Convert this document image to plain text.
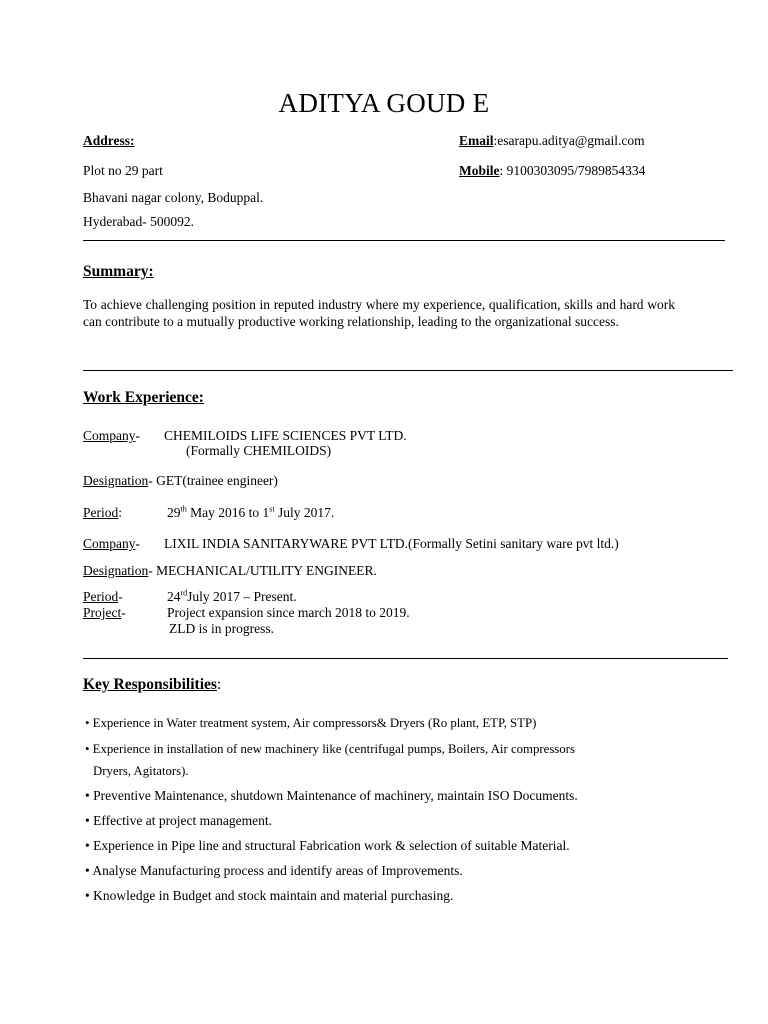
ADITYA GOUD E
Address:
Plot no 29 part
Bhavani nagar colony, Boduppal.
Hyderabad- 500092.
Email:esarapu.aditya@gmail.com
Mobile: 9100303095/7989854334
Summary:
To achieve challenging position in reputed industry where my experience, qualification, skills and hard work can contribute to a mutually productive working relationship, leading to the organizational success.
Work Experience:
Company- CHEMILOIDS LIFE SCIENCES PVT LTD.
(Formally CHEMILOIDS)
Designation- GET(trainee engineer)
Period:	29th May 2016 to 1st July 2017.
Company- LIXIL INDIA SANITARYWARE PVT LTD.(Formally Setini sanitary ware pvt ltd.)
Designation- MECHANICAL/UTILITY ENGINEER.
Period-	24rdJuly 2017 – Present.
Project-	Project expansion since march 2018 to 2019.
ZLD is in progress.
Key Responsibilities:
• Experience in Water treatment system, Air compressors& Dryers (Ro plant, ETP, STP)
• Experience in installation of new machinery like (centrifugal pumps, Boilers, Air compressors
Dryers, Agitators).
• Preventive Maintenance, shutdown Maintenance of machinery, maintain ISO Documents.
• Effective at project management.
• Experience in Pipe line and structural Fabrication work & selection of suitable Material.
• Analyse Manufacturing process and identify areas of Improvements.
• Knowledge in Budget and stock maintain and material purchasing.
